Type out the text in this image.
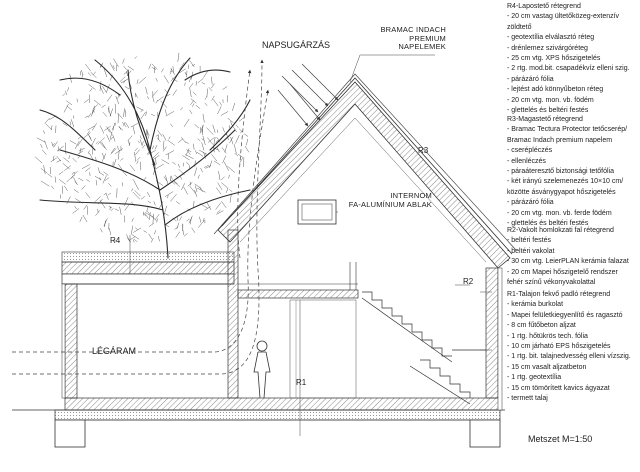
NAPSUGÁRZÁS
BRAMAC INDACH
PREMIUM
NAPELEMEK
INTERNOM
FA-ALUMÍNIUM ABLAK
LÉGÁRAM
R1
R2
R3
R4
R4-Lapostető rétegrend
- 20 cm vastag ültetőközeg-extenzív
zöldtető
- geotextília elválasztó réteg
- drénlemez szivárgóréteg
- 25 cm vtg. XPS hőszigetelés
- 2 rtg. mod.bit. csapadékvíz elleni szig.
- párázáró fólia
- lejtést adó könnyűbeton réteg
- 20 cm vtg. mon. vb. födém
- glettelés és beltéri festés
R3-Magastető rétegrend
- Bramac Tectura Protector tetőcserép/
Bramac Indach premium napelem
- cserépléczés
- ellenléczés
- páraáteresztő biztonsági tetőfólia
- két irányú szelemenezés 10×10 cm/
közötte ásványgyapot hőszigetelés
- párázáró fólia
- 20 cm vtg. mon. vb. ferde födém
- glettelés és beltéri festés
R2-Vakolt homlokzati fal rétegrend
- beltéri festés
- beltéri vakolat
- 30 cm vtg. LeierPLAN kerámia falazat
- 20 cm Mapei hőszigetelő rendszer
fehér színű vékonyvakolattal
R1-Talajon fekvő padló rétegrend
- kerámia burkolat
- Mapei felületkiegyenlítő és ragasztó
- 8 cm fűtőbeton aljzat
- 1 rtg. hőtükrös tech. fólia
- 10 cm járható EPS hőszigetelés
- 1 rtg. bit. talajnedvesség elleni vízszig.
- 15 cm vasalt aljzatbeton
- 1 rtg. geotextília
- 15 cm tömörített kavics ágyazat
- termett talaj
Metszet M=1:50
